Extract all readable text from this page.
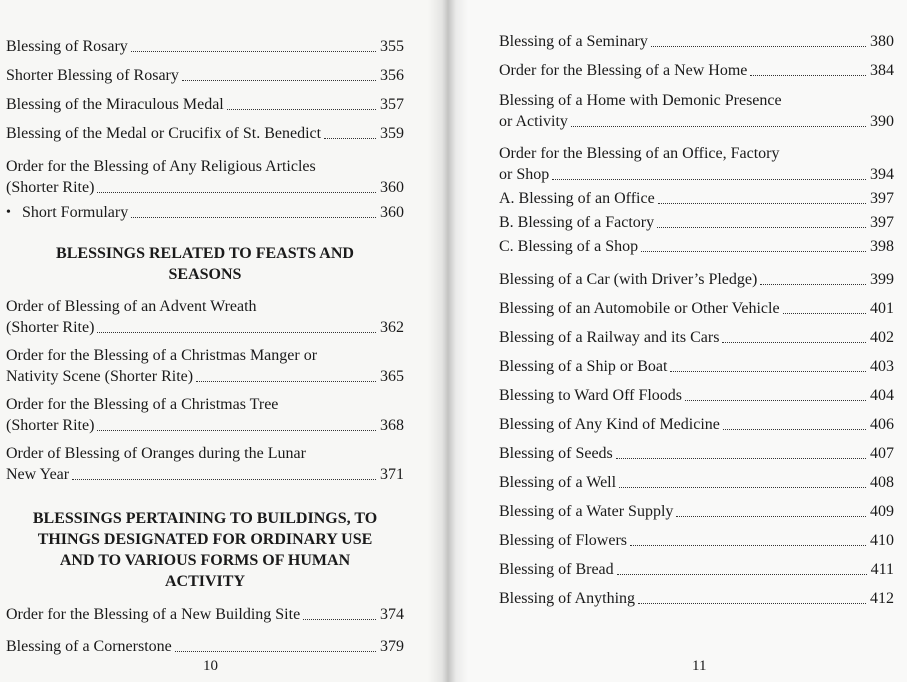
Blessing of Rosary	355
Shorter Blessing of Rosary	356
Blessing of the Miraculous Medal	357
Blessing of the Medal or Crucifix of St. Benedict	359
Order for the Blessing of Any Religious Articles
(Shorter Rite)	360
• Short Formulary	360

BLESSINGS RELATED TO FEASTS AND SEASONS

Order of Blessing of an Advent Wreath
(Shorter Rite)	362
Order for the Blessing of a Christmas Manger or
Nativity Scene (Shorter Rite)	365
Order for the Blessing of a Christmas Tree
(Shorter Rite)	368
Order of Blessing of Oranges during the Lunar
New Year	371

BLESSINGS PERTAINING TO BUILDINGS, TO THINGS DESIGNATED FOR ORDINARY USE AND TO VARIOUS FORMS OF HUMAN ACTIVITY

Order for the Blessing of a New Building Site	374
Blessing of a Cornerstone	379
10
Blessing of a Seminary	380
Order for the Blessing of a New Home	384
Blessing of a Home with Demonic Presence
or Activity	390
Order for the Blessing of an Office, Factory
or Shop	394
A. Blessing of an Office	397
B. Blessing of a Factory	397
C. Blessing of a Shop	398
Blessing of a Car (with Driver’s Pledge)	399
Blessing of an Automobile or Other Vehicle	401
Blessing of a Railway and its Cars	402
Blessing of a Ship or Boat	403
Blessing to Ward Off Floods	404
Blessing of Any Kind of Medicine	406
Blessing of Seeds	407
Blessing of a Well	408
Blessing of a Water Supply	409
Blessing of Flowers	410
Blessing of Bread	411
Blessing of Anything	412
11
